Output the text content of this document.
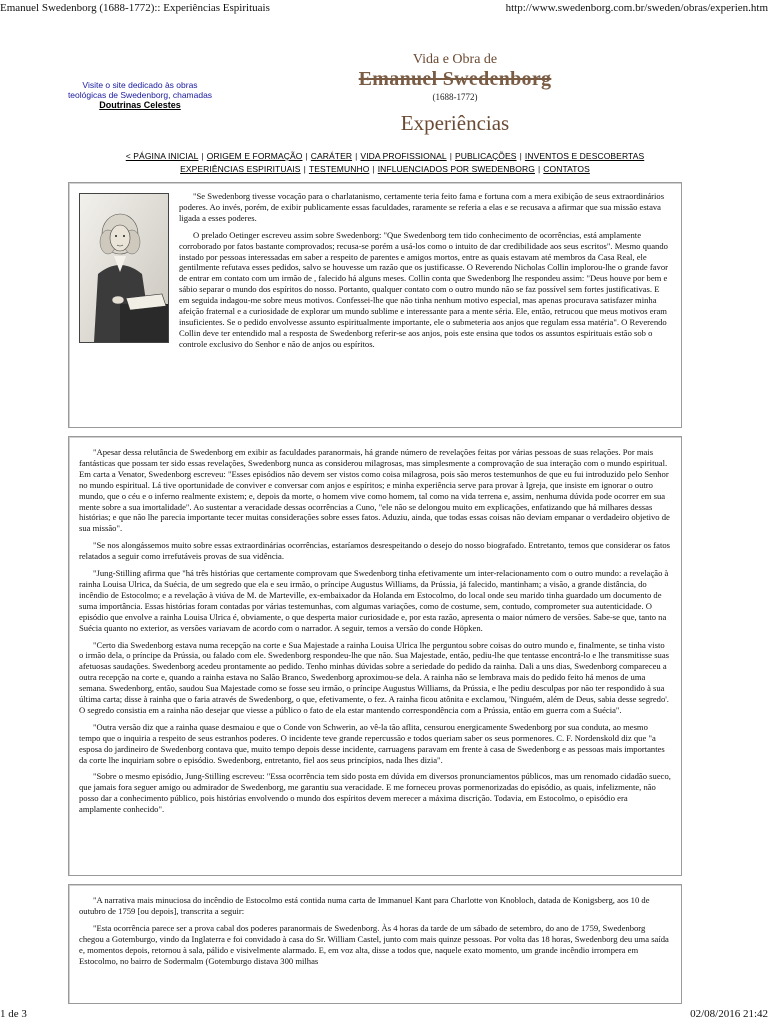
Emanuel Swedenborg (1688-1772):: Experiências Espirituais	http://www.swedenborg.com.br/sweden/obras/experien.htm
Visite o site dedicado às obras
teológicas de Swedenborg, chamadas
Doutrinas Celestes
Vida e Obra de
Emanuel Swedenborg
(1688-1772)
Experiências
< PÁGINA INICIAL | ORIGEM E FORMAÇÃO | CARÁTER | VIDA PROFISSIONAL | PUBLICAÇÕES | INVENTOS E DESCOBERTAS
EXPERIÊNCIAS ESPIRITUAIS | TESTEMUNHO | INFLUENCIADOS POR SWEDENBORG | CONTATOS

"Se Swedenborg tivesse vocação para o charlatanismo, certamente teria feito fama e fortuna com a mera exibição de seus extraordinários poderes. Ao invés, porém, de exibir publicamente essas faculdades, raramente se referia a elas e se recusava a afirmar que sua missão estava ligada a esses poderes.

O prelado Oetinger escreveu assim sobre Swedenborg: "Que Swedenborg tem tido conhecimento de ocorrências, está amplamente corroborado por fatos bastante comprovados; recusa-se porém a usá-los como o intuito de dar credibilidade aos seus escritos". Mesmo quando instado por pessoas interessadas em saber a respeito de parentes e amigos mortos, entre as quais estavam até membros da Casa Real, ele gentilmente refutava esses pedidos, salvo se houvesse um razão que os justificasse. O Reverendo Nicholas Collin implorou-lhe o grande favor de entrar em contato com um irmão de , falecido há alguns meses. Collin conta que Swedenborg lhe respondeu assim: "Deus houve por bem e sábio separar o mundo dos espíritos do nosso. Portanto, qualquer contato com o outro mundo não se faz possível sem fortes justificativas. E em seguida indagou-me sobre meus motivos. Confessei-lhe que não tinha nenhum motivo especial, mas apenas procurava satisfazer minha afeição fraternal e a curiosidade de explorar um mundo sublime e interessante para a mente séria. Ele, então, retrucou que meus motivos eram insuficientes. Se o pedido envolvesse assunto espiritualmente importante, ele o submeteria aos anjos que regulam essa matéria". O Reverendo Collin deve ter entendido mal a resposta de Swedenborg referir-se aos anjos, pois este ensina que todos os assuntos espirituais estão sob o controle exclusivo do Senhor e não de anjos ou espíritos.

"Apesar dessa relutância de Swedenborg em exibir as faculdades paranormais, há grande número de revelações feitas por várias pessoas de suas relações. Por mais fantásticas que possam ter sido essas revelações, Swedenborg nunca as considerou milagrosas, mas simplesmente a comprovação de sua interação com o mundo espiritual. Em carta a Venator, Swedenborg escreveu: "Esses episódios não devem ser vistos como coisa milagrosa, pois são meros testemunhos de que eu fui introduzido pelo Senhor no mundo espiritual. Lá tive oportunidade de conviver e conversar com anjos e espíritos; e minha experiência serve para provar à Igreja, que insiste em ignorar o outro mundo, que o céu e o inferno realmente existem; e, depois da morte, o homem vive como homem, tal como na vida terrena e, assim, nenhuma dúvida pode ocorrer em sua mente sobre a sua imortalidade". Ao sustentar a veracidade dessas ocorrências a Cuno, "ele não se delongou muito em explicações, enfatizando que há milhares dessas histórias; e que não lhe parecia importante tecer muitas considerações sobre esses fatos. Aduziu, ainda, que todas essas coisas não deviam empanar o verdadeiro objetivo de sua missão".

"Se nos alongássemos muito sobre essas extraordinárias ocorrências, estaríamos desrespeitando o desejo do nosso biografado. Entretanto, temos que considerar os fatos relatados a seguir como irrefutáveis provas de sua vidência.

"Jung-Stilling afirma que "há três histórias que certamente comprovam que Swedenborg tinha efetivamente um inter-relacionamento com o outro mundo: a revelação à rainha Louisa Ulrica, da Suécia, de um segredo que ela e seu irmão, o príncipe Augustus Williams, da Prússia, já falecido, mantinham; a visão, a grande distância, do incêndio de Estocolmo; e a revelação à viúva de M. de Marteville, ex-embaixador da Holanda em Estocolmo, do local onde seu marido tinha guardado um documento de suma importância. Essas histórias foram contadas por várias testemunhas, com algumas variações, como de costume, sem, contudo, comprometer sua autenticidade. O episódio que envolve a rainha Louisa Ulrica é, obviamente, o que desperta maior curiosidade e, por esta razão, apresenta o maior número de versões. Sabe-se que, tanto na Suécia quanto no exterior, as versões variavam de acordo com o narrador. A seguir, temos a versão do conde Höpken.

"Certo dia Swedenborg estava numa recepção na corte e Sua Majestade a rainha Louisa Ulrica lhe perguntou sobre coisas do outro mundo e, finalmente, se tinha visto o irmão dela, o príncipe da Prússia, ou falado com ele. Swedenborg respondeu-lhe que não. Sua Majestade, então, pediu-lhe que tentasse encontrá-lo e lhe transmitisse suas afetuosas saudações. Swedenborg acedeu prontamente ao pedido. Tenho minhas dúvidas sobre a seriedade do pedido da rainha. Dali a uns dias, Swedenborg compareceu a outra recepção na corte e, quando a rainha estava no Salão Branco, Swedenborg aproximou-se dela. A rainha não se lembrava mais do pedido feito há menos de uma semana. Swedenborg, então, saudou Sua Majestade como se fosse seu irmão, o príncipe Augustus Williams, da Prússia, e lhe pediu desculpas por não ter respondido à sua última carta; disse à rainha que o faria através de Swedenborg, o que, efetivamente, o fez. A rainha ficou atônita e exclamou, 'Ninguém, além de Deus, sabia desse segredo'. O segredo consistia em a rainha não desejar que viesse a público o fato de ela estar mantendo correspondência com a Prússia, então em guerra com a Suécia".

"Outra versão diz que a rainha quase desmaiou e que o Conde von Schwerin, ao vê-la tão aflita, censurou energicamente Swedenborg por sua conduta, ao mesmo tempo que o inquiria a respeito de seus estranhos poderes. O incidente teve grande repercussão e todos queriam saber os seus pormenores. C. F. Nordenskold diz que "a esposa do jardineiro de Swedenborg contava que, muito tempo depois desse incidente, carruagens paravam em frente à casa de Swedenborg e as pessoas mais importantes da corte lhe inquiriam sobre o episódio. Swedenborg, entretanto, fiel aos seus princípios, nada lhes dizia".

"Sobre o mesmo episódio, Jung-Stilling escreveu: "Essa ocorrência tem sido posta em dúvida em diversos pronunciamentos públicos, mas um renomado cidadão sueco, que jamais fora seguer amigo ou admirador de Swedenborg, me garantiu sua veracidade. E me forneceu provas pormenorizadas do episódio, as quais, infelizmente, não posso dar a conhecimento público, pois histórias envolvendo o mundo dos espíritos devem merecer a máxima discrição. Todavia, em Estocolmo, o episódio era amplamente conhecido".

"A narrativa mais minuciosa do incêndio de Estocolmo está contida numa carta de Immanuel Kant para Charlotte von Knobloch, datada de Konigsberg, aos 10 de outubro de 1759 [ou depois], transcrita a seguir:

"Esta ocorrência parece ser a prova cabal dos poderes paranormais de Swedenborg. Às 4 horas da tarde de um sábado de setembro, do ano de 1759, Swedenborg chegou a Gotemburgo, vindo da Inglaterra e foi convidado à casa do Sr. William Castel, junto com mais quinze pessoas. Por volta das 18 horas, Swedenborg deu uma saída e, momentos depois, retornou à sala, pálido e visivelmente alarmado. E, em voz alta, disse a todos que, naquele exato momento, um grande incêndio irrompera em Estocolmo, no bairro de Sodermalm (Gotemburgo distava 300 milhas

1 de 3	02/08/2016 21:42
